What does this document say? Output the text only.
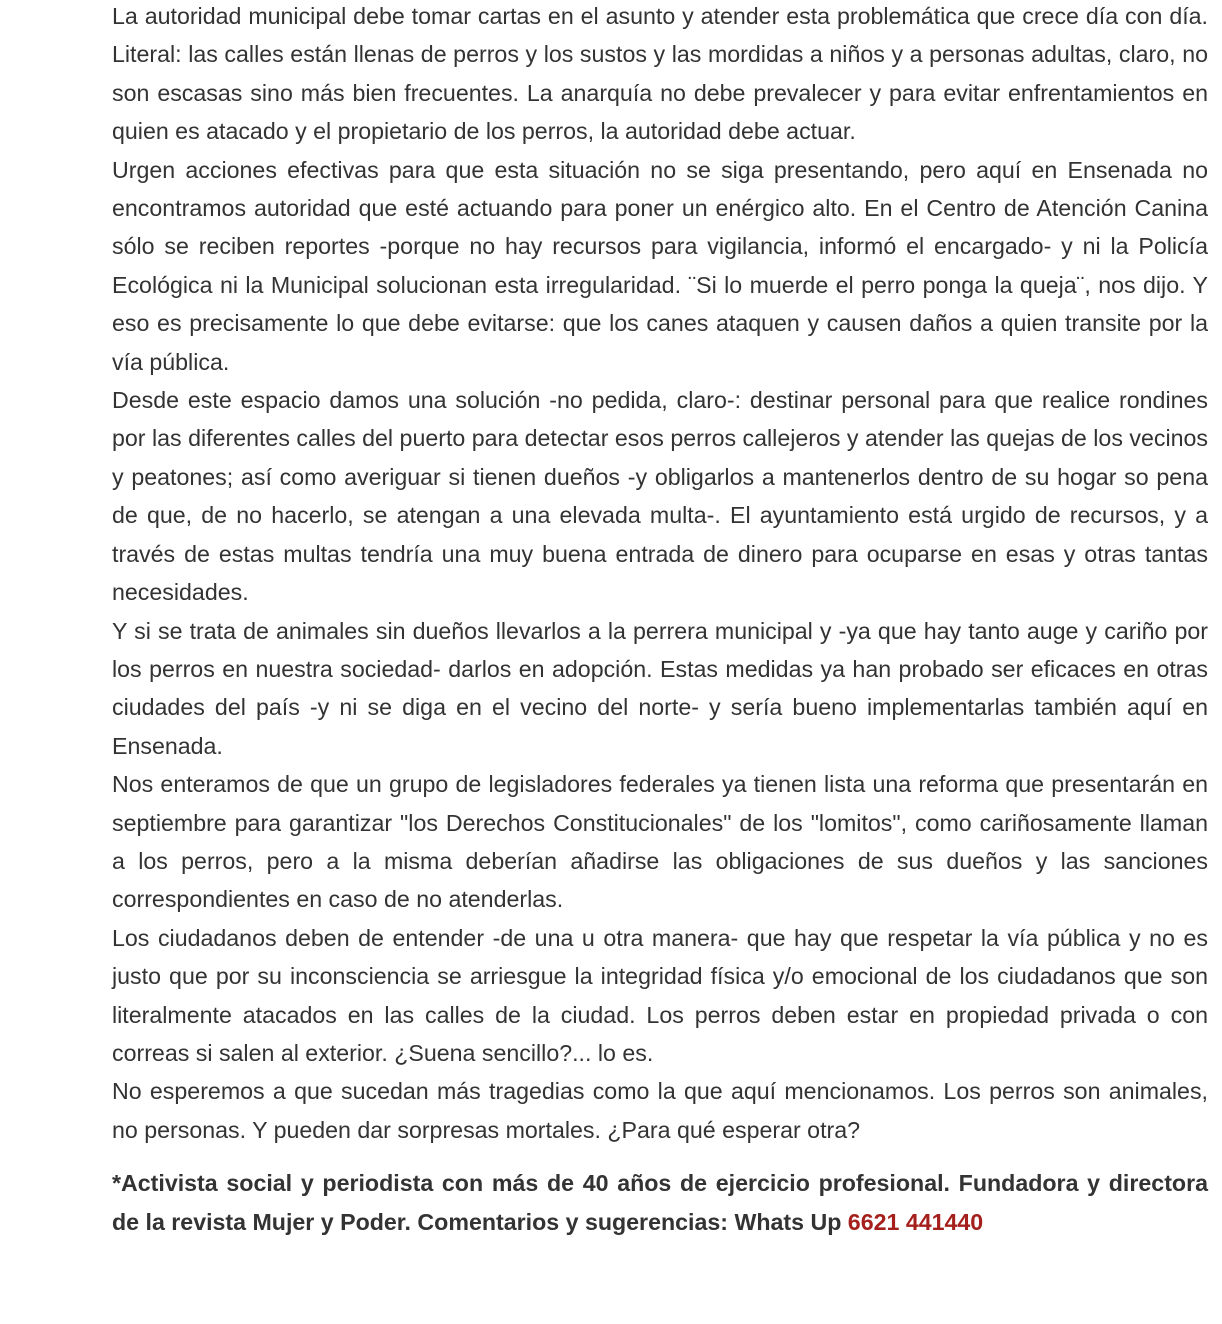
La autoridad municipal debe tomar cartas en el asunto y atender esta problemática que crece día con día. Literal: las calles están llenas de perros y los sustos y las mordidas a niños y a personas adultas, claro, no son escasas sino más bien frecuentes. La anarquía no debe prevalecer y para evitar enfrentamientos en quien es atacado y el propietario de los perros, la autoridad debe actuar.

Urgen acciones efectivas para que esta situación no se siga presentando, pero aquí en Ensenada no encontramos autoridad que esté actuando para poner un enérgico alto. En el Centro de Atención Canina sólo se reciben reportes -porque no hay recursos para vigilancia, informó el encargado- y ni la Policía Ecológica ni la Municipal solucionan esta irregularidad. ¨Si lo muerde el perro ponga la queja¨, nos dijo. Y eso es precisamente lo que debe evitarse: que los canes ataquen y causen daños a quien transite por la vía pública.

Desde este espacio damos una solución -no pedida, claro-: destinar personal para que realice rondines por las diferentes calles del puerto para detectar esos perros callejeros y atender las quejas de los vecinos y peatones; así como averiguar si tienen dueños -y obligarlos a mantenerlos dentro de su hogar so pena de que, de no hacerlo, se atengan a una elevada multa-. El ayuntamiento está urgido de recursos, y a través de estas multas tendría una muy buena entrada de dinero para ocuparse en esas y otras tantas necesidades.

Y si se trata de animales sin dueños llevarlos a la perrera municipal y -ya que hay tanto auge y cariño por los perros en nuestra sociedad- darlos en adopción. Estas medidas ya han probado ser eficaces en otras ciudades del país -y ni se diga en el vecino del norte- y sería bueno implementarlas también aquí en Ensenada.

Nos enteramos de que un grupo de legisladores federales ya tienen lista una reforma que presentarán en septiembre para garantizar "los Derechos Constitucionales" de los "lomitos", como cariñosamente llaman a los perros, pero a la misma deberían añadirse las obligaciones de sus dueños y las sanciones correspondientes en caso de no atenderlas.

Los ciudadanos deben de entender -de una u otra manera- que hay que respetar la vía pública y no es justo que por su inconsciencia se arriesgue la integridad física y/o emocional de los ciudadanos que son literalmente atacados en las calles de la ciudad. Los perros deben estar en propiedad privada o con correas si salen al exterior. ¿Suena sencillo?... lo es.

No esperemos a que sucedan más tragedias como la que aquí mencionamos. Los perros son animales, no personas. Y pueden dar sorpresas mortales. ¿Para qué esperar otra?

*Activista social y periodista con más de 40 años de ejercicio profesional. Fundadora y directora de la revista Mujer y Poder. Comentarios y sugerencias: Whats Up 6621 441440
